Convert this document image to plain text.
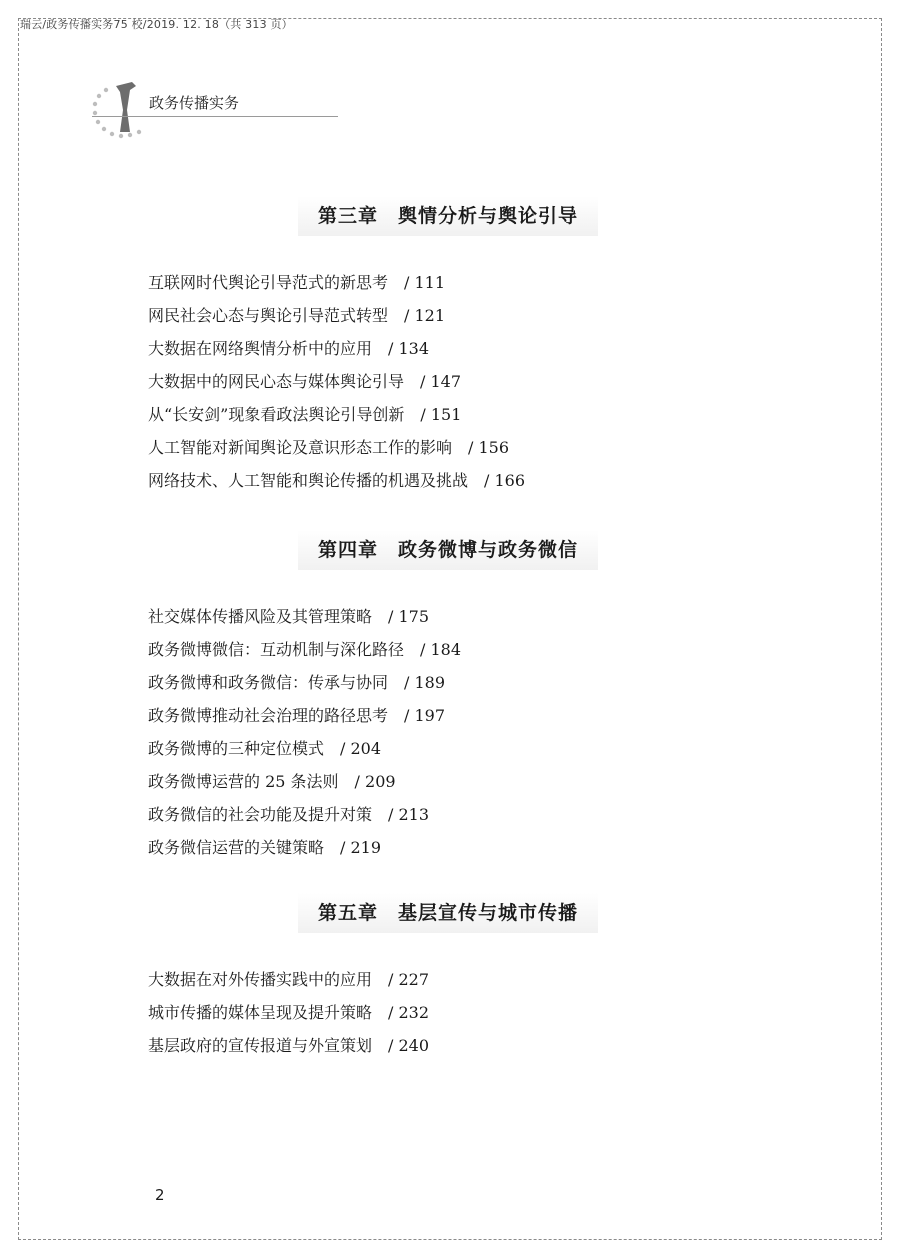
瑞云/政务传播实务75 校/2019. 12. 18（共 313 页）
政务传播实务
第三章　舆情分析与舆论引导
互联网时代舆论引导范式的新思考 / 111
网民社会心态与舆论引导范式转型 / 121
大数据在网络舆情分析中的应用 / 134
大数据中的网民心态与媒体舆论引导 / 147
从“长安剑”现象看政法舆论引导创新 / 151
人工智能对新闻舆论及意识形态工作的影响 / 156
网络技术、人工智能和舆论传播的机遇及挑战 / 166
第四章　政务微博与政务微信
社交媒体传播风险及其管理策略 / 175
政务微博微信：互动机制与深化路径 / 184
政务微博和政务微信：传承与协同 / 189
政务微博推动社会治理的路径思考 / 197
政务微博的三种定位模式 / 204
政务微博运营的 25 条法则 / 209
政务微信的社会功能及提升对策 / 213
政务微信运营的关键策略 / 219
第五章　基层宣传与城市传播
大数据在对外传播实践中的应用 / 227
城市传播的媒体呈现及提升策略 / 232
基层政府的宣传报道与外宣策划 / 240
2
